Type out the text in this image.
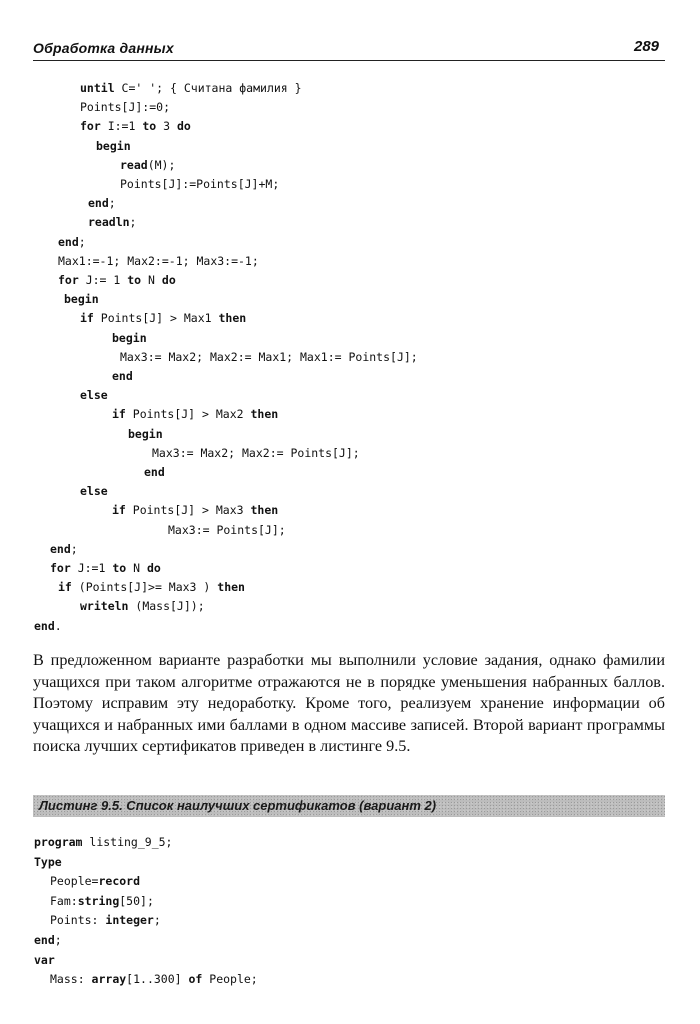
Обработка данных	289
until C=' '; { Считана фамилия }
Points[J]:=0;
for I:=1 to 3 do
begin
read(M);
Points[J]:=Points[J]+M;
end;
readln;
end;
Max1:=-1; Max2:=-1; Max3:=-1;
for J:= 1 to N do
begin
if Points[J] > Max1 then
begin
Max3:= Max2; Max2:= Max1; Max1:= Points[J];
end
else
if Points[J] > Max2 then
begin
Max3:= Max2; Max2:= Points[J];
end
else
if Points[J] > Max3 then
Max3:= Points[J];
end;
for J:=1 to N do
if (Points[J]>= Max3 ) then
writeln (Mass[J]);
end.

В предложенном варианте разработки мы выполнили условие задания, однако фамилии учащихся при таком алгоритме отражаются не в порядке уменьшения набранных баллов. Поэтому исправим эту недоработку. Кроме того, реализуем хранение информации об учащихся и набранных ими баллами в одном массиве записей. Второй вариант программы поиска лучших сертификатов приведен в листинге 9.5.

Листинг 9.5. Список наилучших сертификатов (вариант 2)
program listing_9_5;
Type
People=record
Fam:string[50];
Points: integer;
end;
var
Mass: array[1..300] of People;
